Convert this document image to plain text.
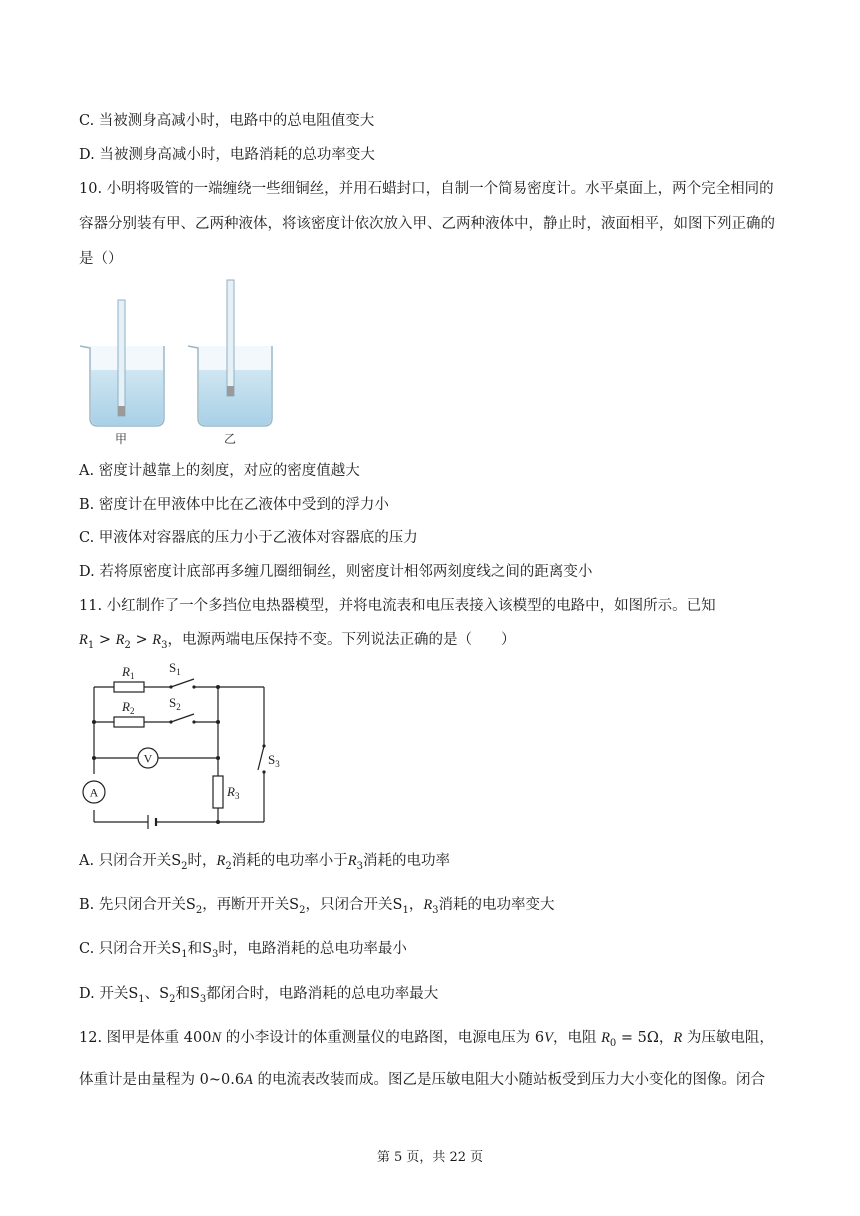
C. 当被测身高减小时，电路中的总电阻值变大
D. 当被测身高减小时，电路消耗的总功率变大
10. 小明将吸管的一端缠绕一些细铜丝，并用石蜡封口，自制一个简易密度计。水平桌面上，两个完全相同的容器分别装有甲、乙两种液体，将该密度计依次放入甲、乙两种液体中，静止时，液面相平，如图下列正确的是（）
甲	乙
A. 密度计越靠上的刻度，对应的密度值越大
B. 密度计在甲液体中比在乙液体中受到的浮力小
C. 甲液体对容器底的压力小于乙液体对容器底的压力
D. 若将原密度计底部再多缠几圈细铜丝，则密度计相邻两刻度线之间的距离变小
11. 小红制作了一个多挡位电热器模型，并将电流表和电压表接入该模型的电路中，如图所示。已知
$R_1 > R_2 > R_3$，电源两端电压保持不变。下列说法正确的是（　　）
$R_1$
$R_2$
$R_3$
$S_1$
$S_2$
$S_3$
V
A
A. 只闭合开关$S_2$时，$R_2$消耗的电功率小于$R_3$消耗的电功率
B. 先只闭合开关$S_2$，再断开开关$S_2$，只闭合开关$S_1$，$R_3$消耗的电功率变大
C. 只闭合开关$S_1$和$S_3$时，电路消耗的总电功率最小
D. 开关$S_1$、$S_2$和$S_3$都闭合时，电路消耗的总电功率最大
12. 图甲是体重 400N 的小李设计的体重测量仪的电路图，电源电压为 6V，电阻 $R_0 = 5\Omega$，R 为压敏电阻，
体重计是由量程为 0~0.6A 的电流表改装而成。图乙是压敏电阻大小随站板受到压力大小变化的图像。闭合
第 5 页，共 22 页
